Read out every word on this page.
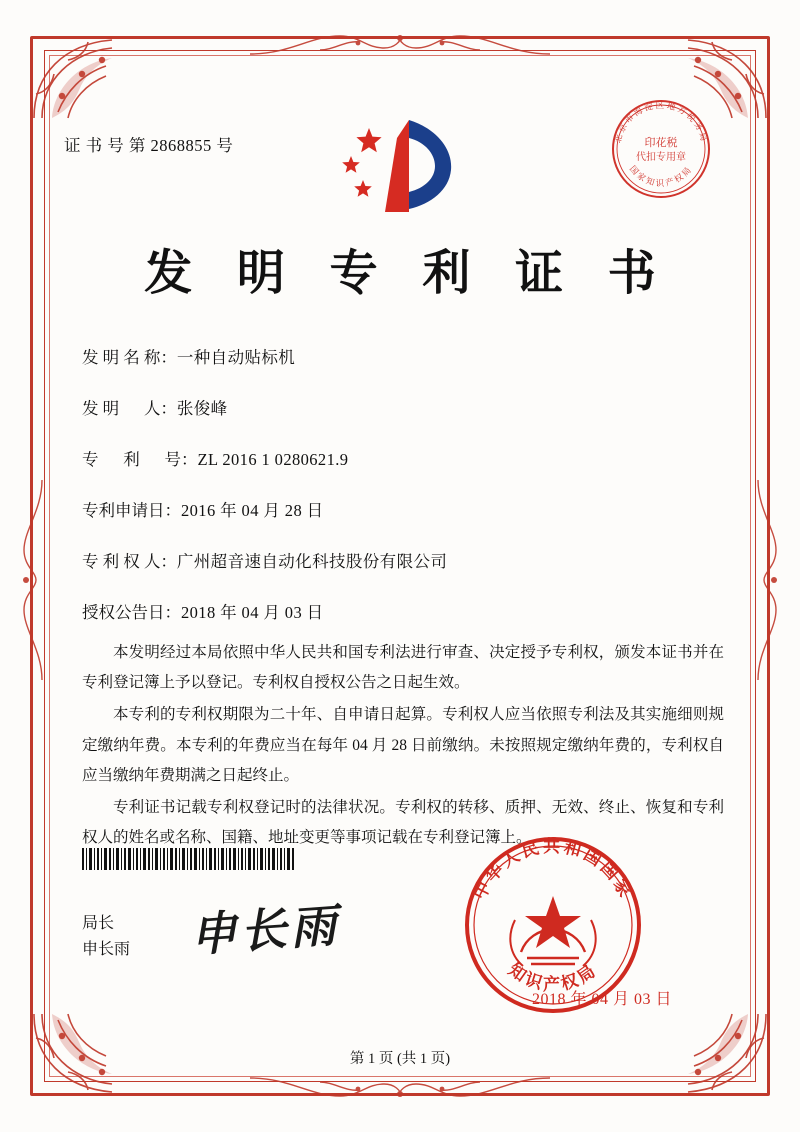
证 书 号 第 2868855 号	北京市海淀区地方税务局
国家知识产权局
印花税
代扣专用章
发 明 专 利 证 书
发 明 名 称： 一种自动贴标机
发 明 　 人： 张俊峰
专 　 利 　 号： ZL 2016 1 0280621.9
专利申请日： 2016 年 04 月 28 日
专 利 权 人： 广州超音速自动化科技股份有限公司
授权公告日： 2018 年 04 月 03 日

本发明经过本局依照中华人民共和国专利法进行审查、决定授予专利权，颁发本证书并在专利登记簿上予以登记。专利权自授权公告之日起生效。

本专利的专利权期限为二十年、自申请日起算。专利权人应当依照专利法及其实施细则规定缴纳年费。本专利的年费应当在每年 04 月 28 日前缴纳。未按照规定缴纳年费的，专利权自应当缴纳年费期满之日起终止。

专利证书记载专利权登记时的法律状况。专利权的转移、质押、无效、终止、恢复和专利权人的姓名或名称、国籍、地址变更等事项记载在专利登记簿上。

局长
申长雨 申长雨
中华人民共和国国家
知识产权局
2018 年 04 月 03 日
第 1 页 (共 1 页)
